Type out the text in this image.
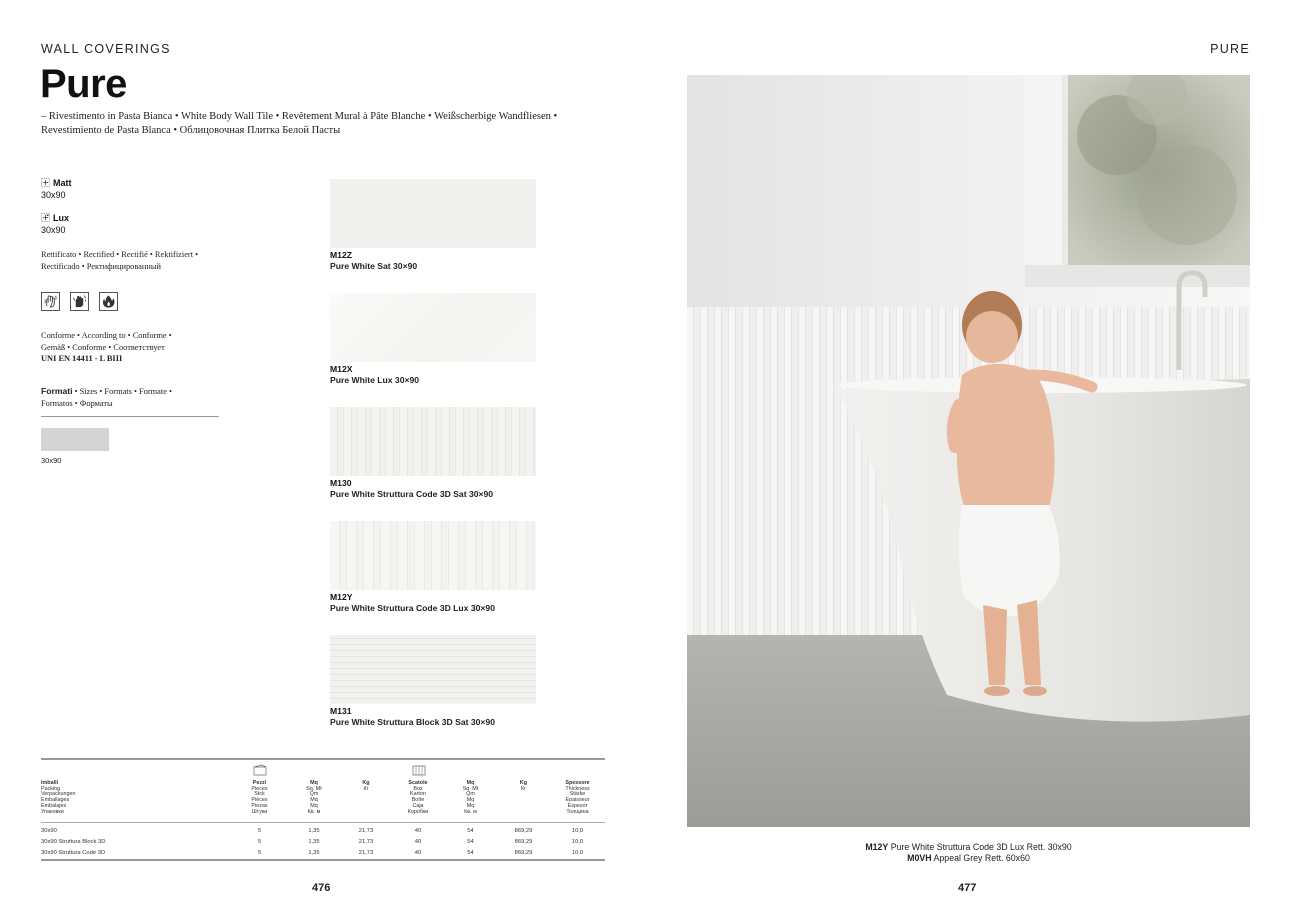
WALL COVERINGS
Pure
– Rivestimento in Pasta Bianca • White Body Wall Tile • Revêtement Mural à Pâte Blanche • Weißscherbige Wandfliesen • Revestimiento de Pasta Blanca • Облицовочная Плитка Белой Пасты
Matt
30x90
Lux
30x90
Rettificato • Rectified • Rectifié • Rektifiziert •
Rectificado • Ректифицированный
Conforme • According to • Conforme •
Gemäß • Conforme • Соответствует
UNI EN 14411 - L BIII
Formati • Sizes • Formats • Formate •
Formatos • Форматы
30x90
M12Z
Pure White Sat 30×90
M12X
Pure White Lux 30×90
M130
Pure White Struttura Code 3D Sat 30×90
M12Y
Pure White Struttura Code 3D Lux 30×90
M131
Pure White Struttura Block 3D Sat 30×90
Imballi
Packing
Verpackungen
Emballages
Embalajes
Упаковки

Pezzi
Pieces
Stck
Pièces
Piezas
Штуки

Mq
Sq. Mt
Qm
Mq
Mq
Кв. м

Kg
Кг

Scatole
Box
Karton
Boîte
Caja
Коробки

Mq
Sq. Mt
Qm
Mq
Mq
Кв. м

Kg
Кг

Spessore
Thickness
Stärke
Epaisseur
Espesor
Толщина
30x90	5	1,35	21,73	40	54	869,29	10,0
30x90 Struttura Block 3D	5	1,35	21,73	40	54	869,29	10,0
30x90 Struttura Code 3D	5	1,35	21,73	40	54	869,29	10,0
476
PURE
M12Y Pure White Struttura Code 3D Lux Rett. 30x90
M0VH Appeal Grey Rett. 60x60
477
